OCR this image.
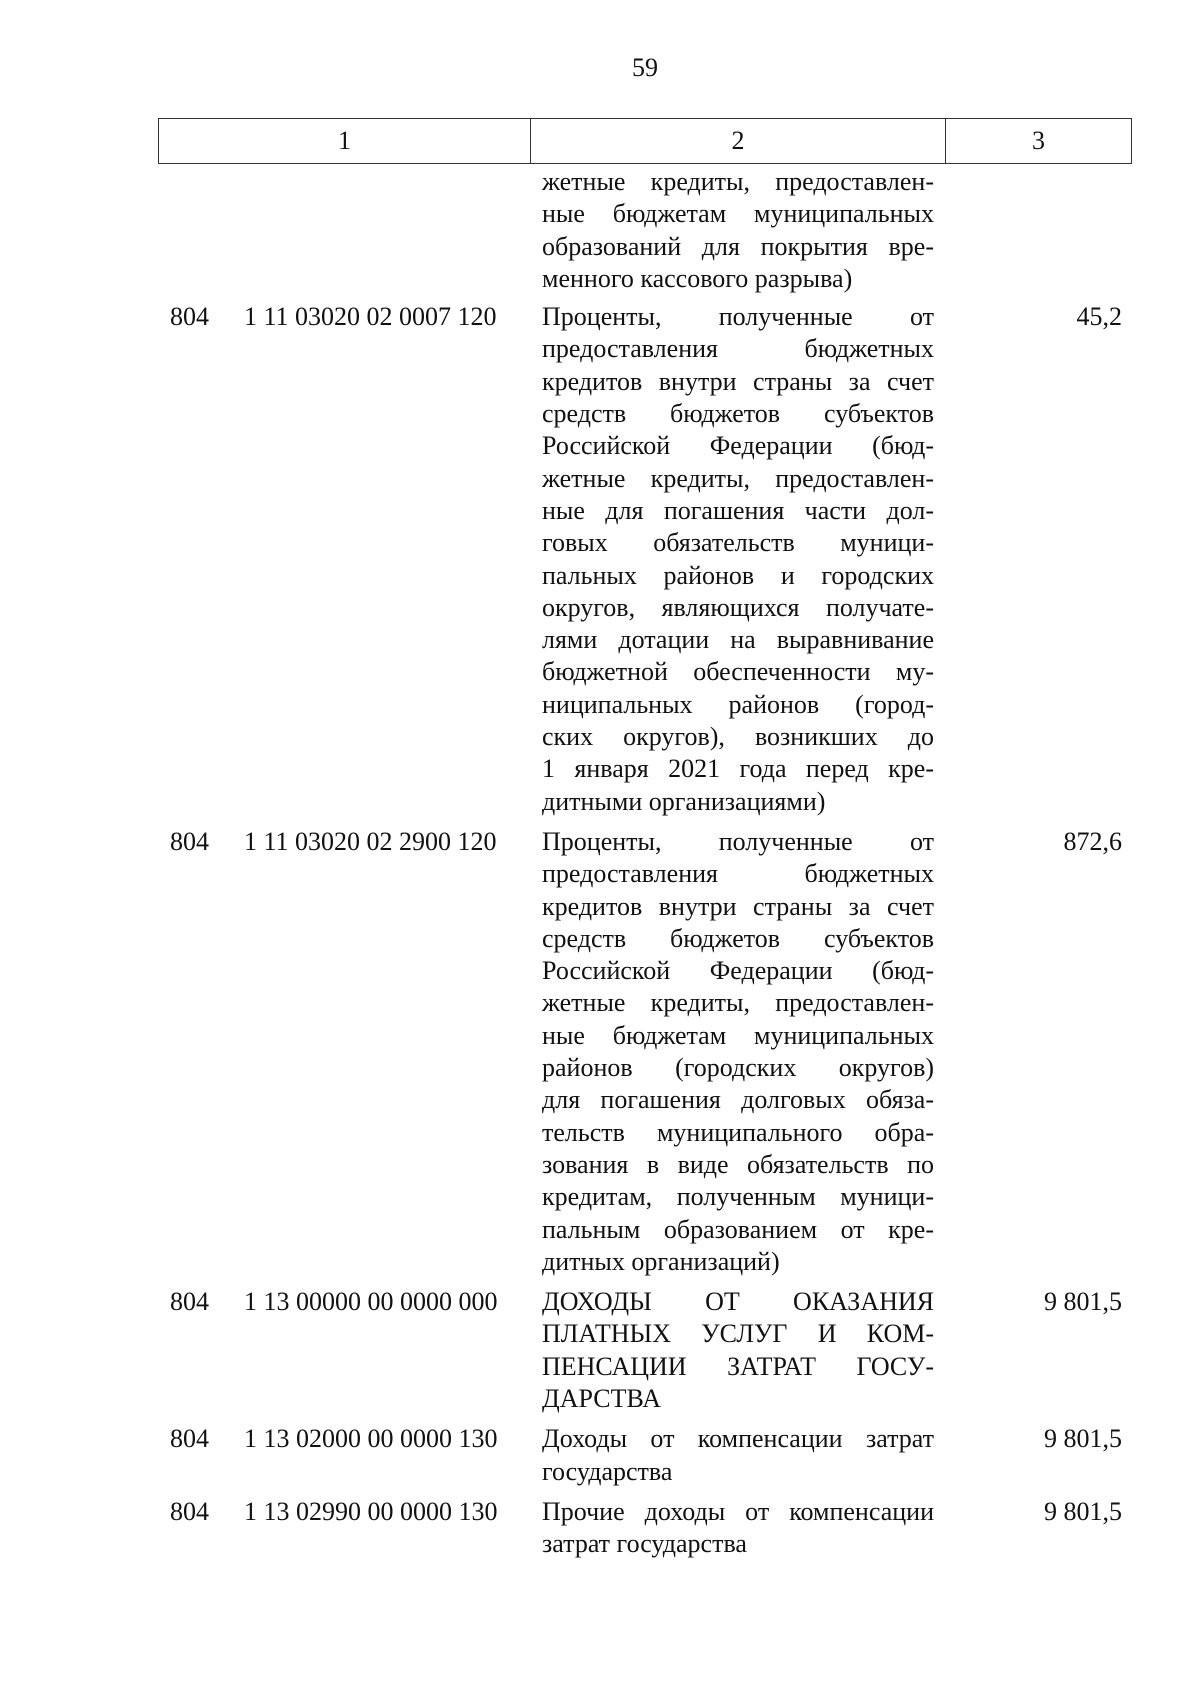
59
1	2	3
жетные кредиты, предоставлен-
ные бюджетам муниципальных
образований для покрытия вре-
менного кассового разрыва)
804 1 11 03020 02 0007 120 Проценты, полученные от
предоставления бюджетных
кредитов внутри страны за счет
средств бюджетов субъектов
Российской Федерации (бюд-
жетные кредиты, предоставлен-
ные для погашения части дол-
говых обязательств муници-
пальных районов и городских
округов, являющихся получате-
лями дотации на выравнивание
бюджетной обеспеченности му-
ниципальных районов (город-
ских округов), возникших до
1 января 2021 года перед кре-
дитными организациями)
45,2
804 1 11 03020 02 2900 120 Проценты, полученные от
предоставления бюджетных
кредитов внутри страны за счет
средств бюджетов субъектов
Российской Федерации (бюд-
жетные кредиты, предоставлен-
ные бюджетам муниципальных
районов (городских округов)
для погашения долговых обяза-
тельств муниципального обра-
зования в виде обязательств по
кредитам, полученным муници-
пальным образованием от кре-
дитных организаций)
872,6
804 1 13 00000 00 0000 000 ДОХОДЫ ОТ ОКАЗАНИЯ
ПЛАТНЫХ УСЛУГ И КОМ-
ПЕНСАЦИИ ЗАТРАТ ГОСУ-
ДАРСТВА
9 801,5
804 1 13 02000 00 0000 130 Доходы от компенсации затрат
государства
9 801,5
804 1 13 02990 00 0000 130 Прочие доходы от компенсации
затрат государства
9 801,5
